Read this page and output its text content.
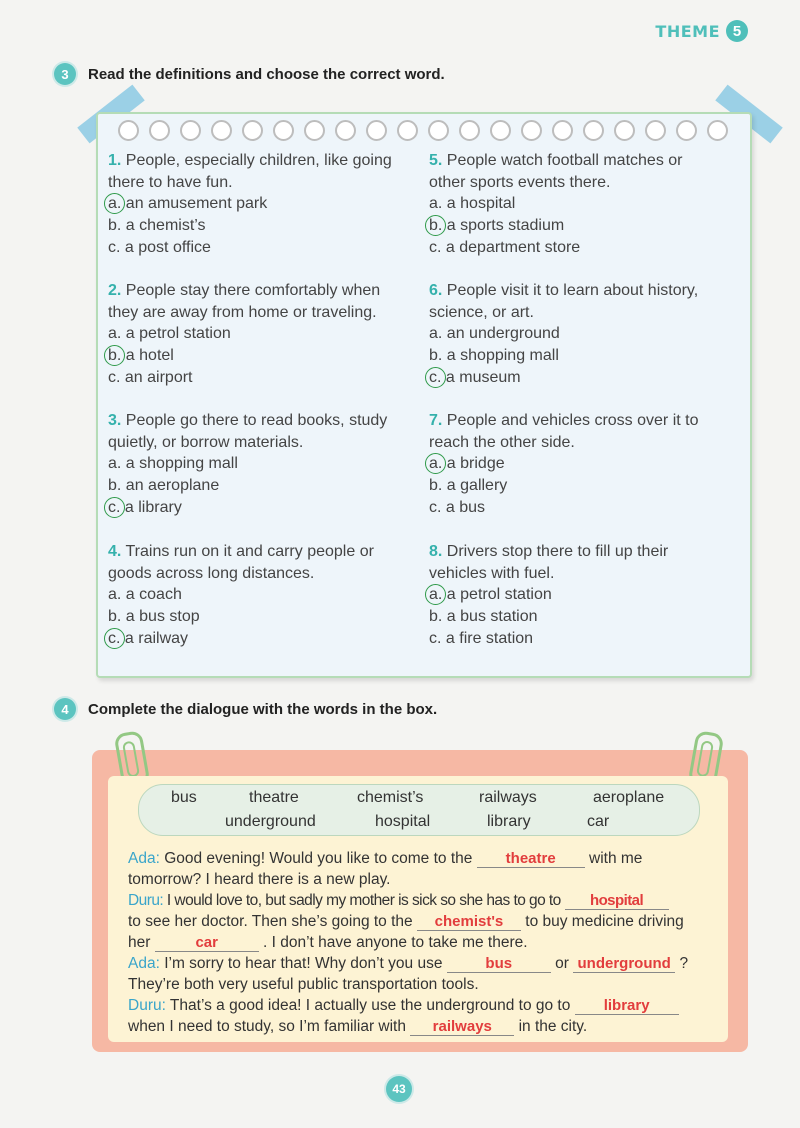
THEME 5
3	Read the definitions and choose the correct word.
1. People, especially children, like going
there to have fun.
a. an amusement park
b. a chemist’s
c. a post office
2. People stay there comfortably when
they are away from home or traveling.
a. a petrol station
b. a hotel
c. an airport
3. People go there to read books, study
quietly, or borrow materials.
a. a shopping mall
b. an aeroplane
c. a library
4. Trains run on it and carry people or
goods across long distances.
a. a coach
b. a bus stop
c. a railway
5. People watch football matches or
other sports events there.
a. a hospital
b. a sports stadium
c. a department store
6. People visit it to learn about history,
science, or art.
a. an underground
b. a shopping mall
c. a museum
7. People and vehicles cross over it to
reach the other side.
a. a bridge
b. a gallery
c. a bus
8. Drivers stop there to fill up their
vehicles with fuel.
a. a petrol station
b. a bus station
c. a fire station
4	Complete the dialogue with the words in the box.
bus	theatre	chemist’s	railways	aeroplane
underground	hospital	library	car

Ada: Good evening! Would you like to come to the theatre with me

tomorrow? I heard there is a new play.

Duru: I would love to, but sadly my mother is sick so she has to go to hospital

to see her doctor. Then she’s going to the chemist's to buy medicine driving

her	car	. I don’t have anyone to take me there.

Ada: I’m sorry to hear that! Why don’t you use	bus or underground ?

They’re both very useful public transportation tools.

Duru: That’s a good idea! I actually use the underground to go to library

when I need to study, so I’m familiar with railways in the city.

43
